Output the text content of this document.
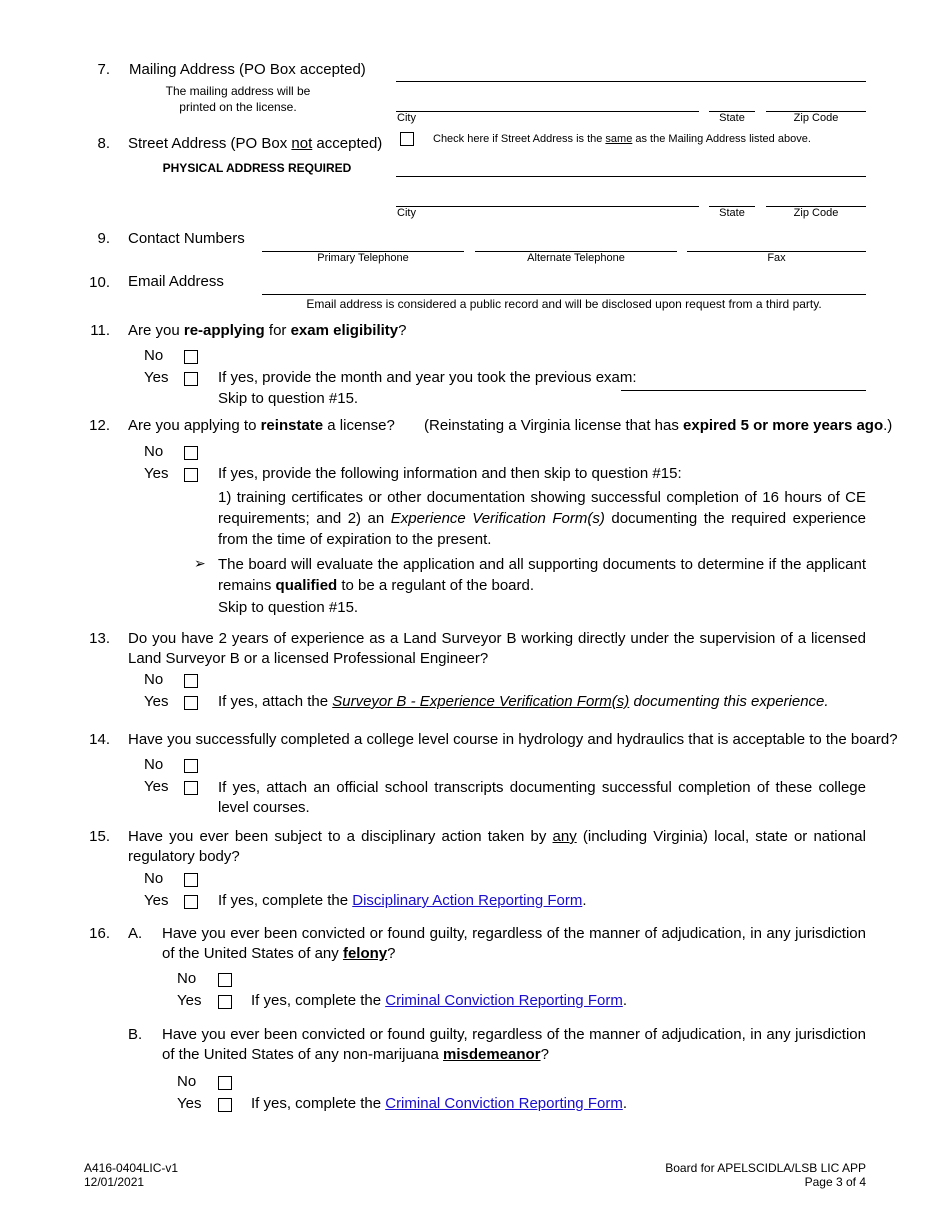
7. Mailing Address (PO Box accepted)
The mailing address will be
printed on the license.
City	State	Zip Code
8. Street Address (PO Box not accepted)
PHYSICAL ADDRESS REQUIRED
Check here if Street Address is the same as the Mailing Address listed above.
City	State	Zip Code
9. Contact Numbers
Primary Telephone	Alternate Telephone	Fax
10. Email Address
Email address is considered a public record and will be disclosed upon request from a third party.
11. Are you re-applying for exam eligibility?
No
Yes	If yes, provide the month and year you took the previous exam:
Skip to question #15.
12. Are you applying to reinstate a license? (Reinstating a Virginia license that has expired 5 or more years ago.)
No
Yes	If yes, provide the following information and then skip to question #15:
1) training certificates or other documentation showing successful completion of 16 hours of CE requirements; and 2) an Experience Verification Form(s) documenting the required experience from the time of expiration to the present.
➢ The board will evaluate the application and all supporting documents to determine if the applicant remains qualified to be a regulant of the board.
Skip to question #15.
13. Do you have 2 years of experience as a Land Surveyor B working directly under the supervision of a licensed Land Surveyor B or a licensed Professional Engineer?
No
Yes	If yes, attach the Surveyor B - Experience Verification Form(s) documenting this experience.
14. Have you successfully completed a college level course in hydrology and hydraulics that is acceptable to the board?
No
Yes	If yes, attach an official school transcripts documenting successful completion of these college level courses.
15. Have you ever been subject to a disciplinary action taken by any (including Virginia) local, state or national regulatory body?
No
Yes	If yes, complete the Disciplinary Action Reporting Form.
16. A. Have you ever been convicted or found guilty, regardless of the manner of adjudication, in any jurisdiction of the United States of any felony?
No
Yes	If yes, complete the Criminal Conviction Reporting Form.
B. Have you ever been convicted or found guilty, regardless of the manner of adjudication, in any jurisdiction of the United States of any non-marijuana misdemeanor?
No
Yes	If yes, complete the Criminal Conviction Reporting Form.
A416-0404LIC-v1
12/01/2021
Board for APELSCIDLA/LSB LIC APP
Page 3 of 4
